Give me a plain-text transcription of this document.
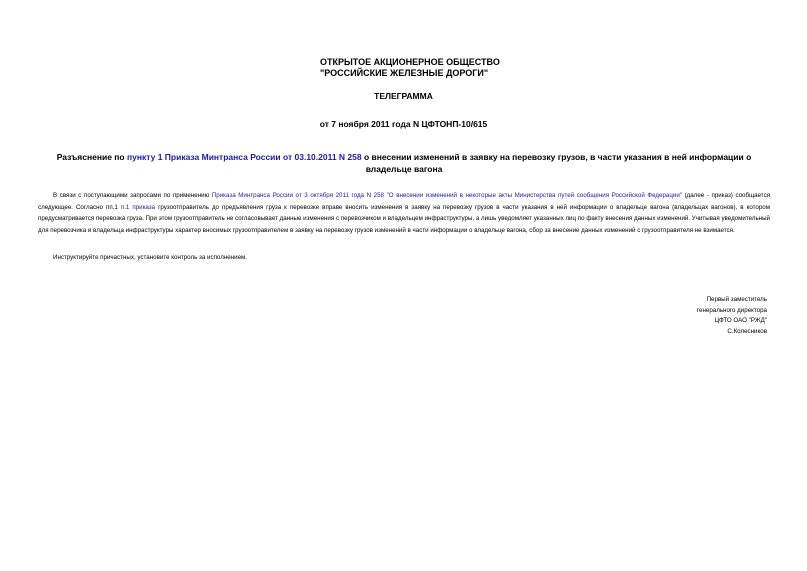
ОТКРЫТОЕ АКЦИОНЕРНОЕ ОБЩЕСТВО
"РОССИЙСКИЕ ЖЕЛЕЗНЫЕ ДОРОГИ"
ТЕЛЕГРАММА
от 7 ноября 2011 года N ЦФТОНП-10/615
Разъяснение по пункту 1 Приказа Минтранса России от 03.10.2011 N 258 о внесении изменений в заявку на перевозку грузов, в части указания в ней информации о владельце вагона

В связи с поступающими запросами по применению Приказа Минтранса России от 3 октября 2011 года N 258 "О внесении изменений в некоторые акты Министерства путей сообщения Российской Федерации" (далее - приказ) сообщается следующее. Согласно пп.1 п.1 приказа грузоотправитель до предъявления груза к перевозке вправе вносить изменения в заявку на перевозку грузов в части указания в ней информации о владельце вагона (владельцах вагонов), в котором предусматривается перевозка груза. При этом грузоотправитель не согласовывает данные изменения с перевозчиком и владельцем инфраструктуры, а лишь уведомляет указанных лиц по факту внесения данных изменений. Учитывая уведомительный для перевозчика и владельца инфраструктуры характер вносимых грузоотправителем в заявку на перевозку грузов изменений в части информации о владельце вагона, сбор за внесение данных изменений с грузоотправителя не взимается.

Инструктируйте причастных, установите контроль за исполнением.
Первый заместитель
генерального директора
ЦФТО ОАО "РЖД"
С.Колесников
